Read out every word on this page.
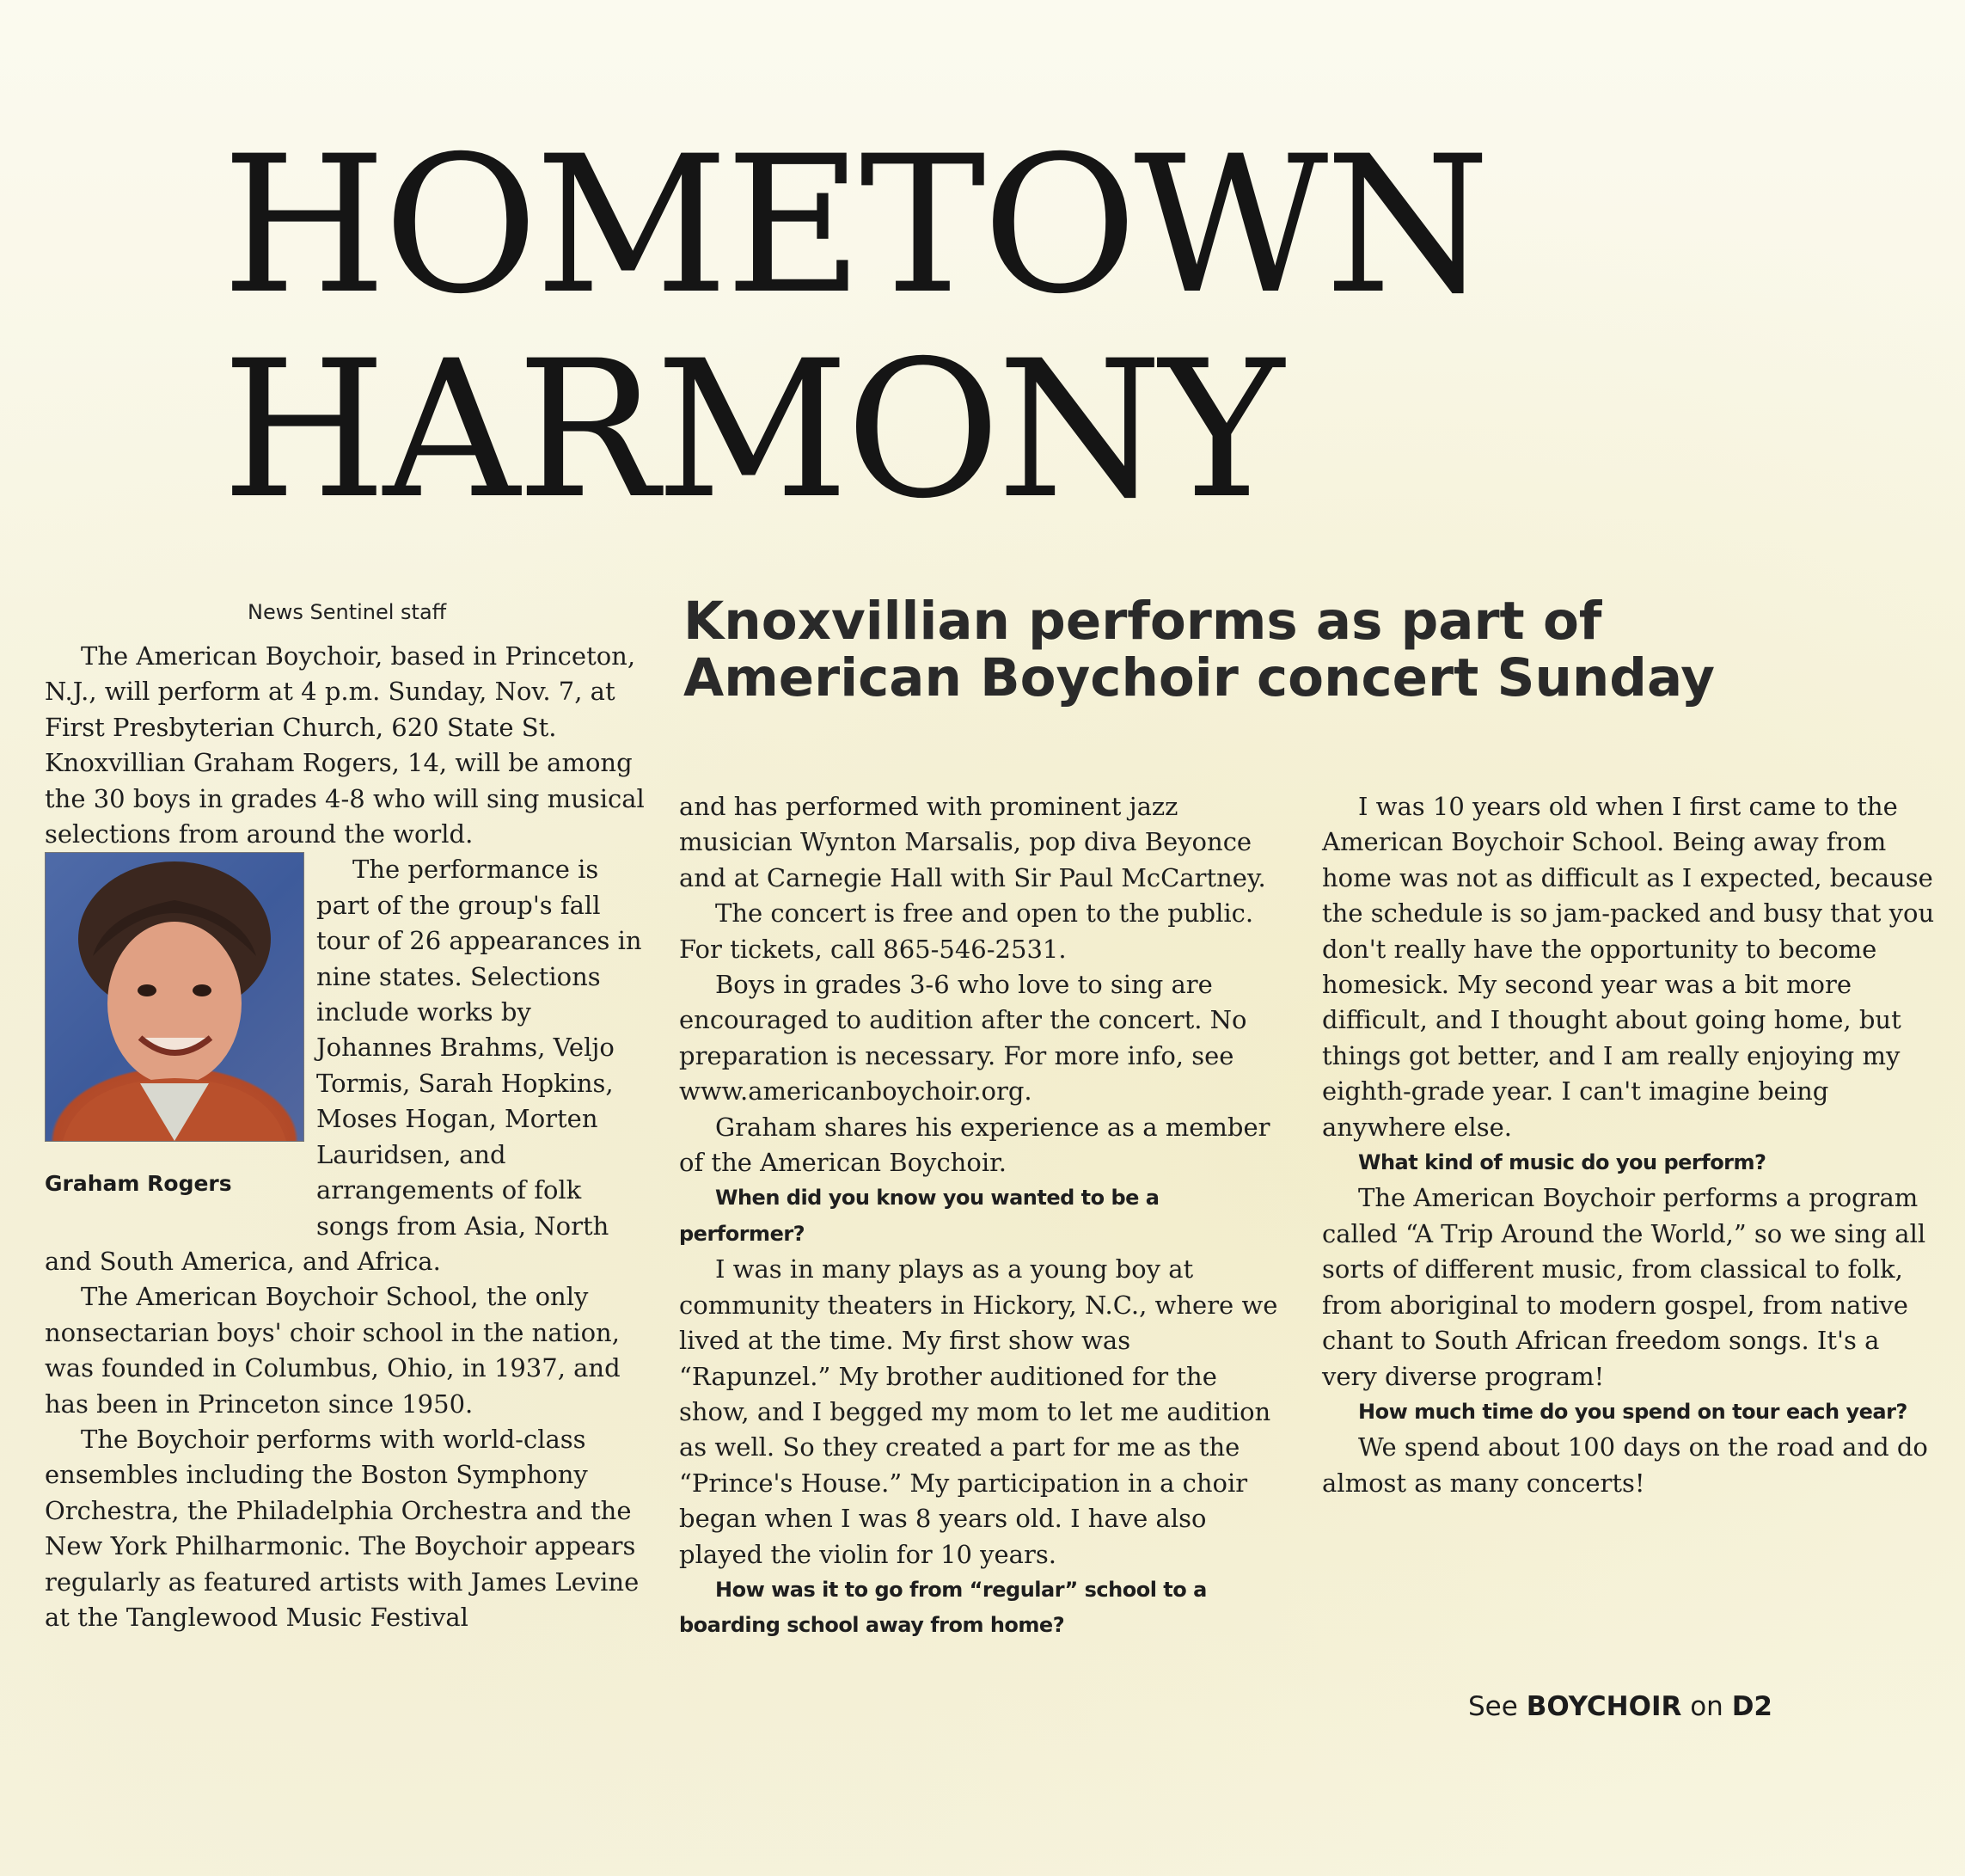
HOMETOWN
HARMONY
News Sentinel staff	Knoxvillian performs as part of
American Boychoir concert Sunday

The American Boychoir, based in Princeton, N.J., will perform at 4 p.m. Sunday, Nov. 7, at First Presbyterian Church, 620 State St. Knoxvillian Graham Rogers, 14, will be among the 30 boys in grades 4-8 who will sing musical selections from around the world.

Graham Rogers

The performance is part of the group's fall tour of 26 appearances in nine states. Selections include works by Johannes Brahms, Veljo Tormis, Sarah Hopkins, Moses Hogan, Morten Lauridsen, and arrangements of folk songs from Asia, North and South America, and Africa.

The American Boychoir School, the only nonsectarian boys' choir school in the nation, was founded in Columbus, Ohio, in 1937, and has been in Princeton since 1950.

The Boychoir performs with world-class ensembles including the Boston Symphony Orchestra, the Philadelphia Orchestra and the New York Philharmonic. The Boychoir appears regularly as featured artists with James Levine at the Tanglewood Music Festival

and has performed with prominent jazz musician Wynton Marsalis, pop diva Beyonce and at Carnegie Hall with Sir Paul McCartney.

The concert is free and open to the public. For tickets, call 865-546-2531.

Boys in grades 3-6 who love to sing are encouraged to audition after the concert. No preparation is necessary. For more info, see www.americanboychoir.org.

Graham shares his experience as a member of the American Boychoir.

When did you know you wanted to be a performer?

I was in many plays as a young boy at community theaters in Hickory, N.C., where we lived at the time. My first show was “Rapunzel.” My brother auditioned for the show, and I begged my mom to let me audition as well. So they created a part for me as the “Prince's House.” My participation in a choir began when I was 8 years old. I have also played the violin for 10 years.

How was it to go from “regular” school to a boarding school away from home?

I was 10 years old when I first came to the American Boychoir School. Being away from home was not as difficult as I expected, because the schedule is so jam-packed and busy that you don't really have the opportunity to become homesick. My second year was a bit more difficult, and I thought about going home, but things got better, and I am really enjoying my eighth-grade year. I can't imagine being anywhere else.

What kind of music do you perform?

The American Boychoir performs a program called “A Trip Around the World,” so we sing all sorts of different music, from classical to folk, from aboriginal to modern gospel, from native chant to South African freedom songs. It's a very diverse program!

How much time do you spend on tour each year?

We spend about 100 days on the road and do almost as many concerts!

See BOYCHOIR on D2
